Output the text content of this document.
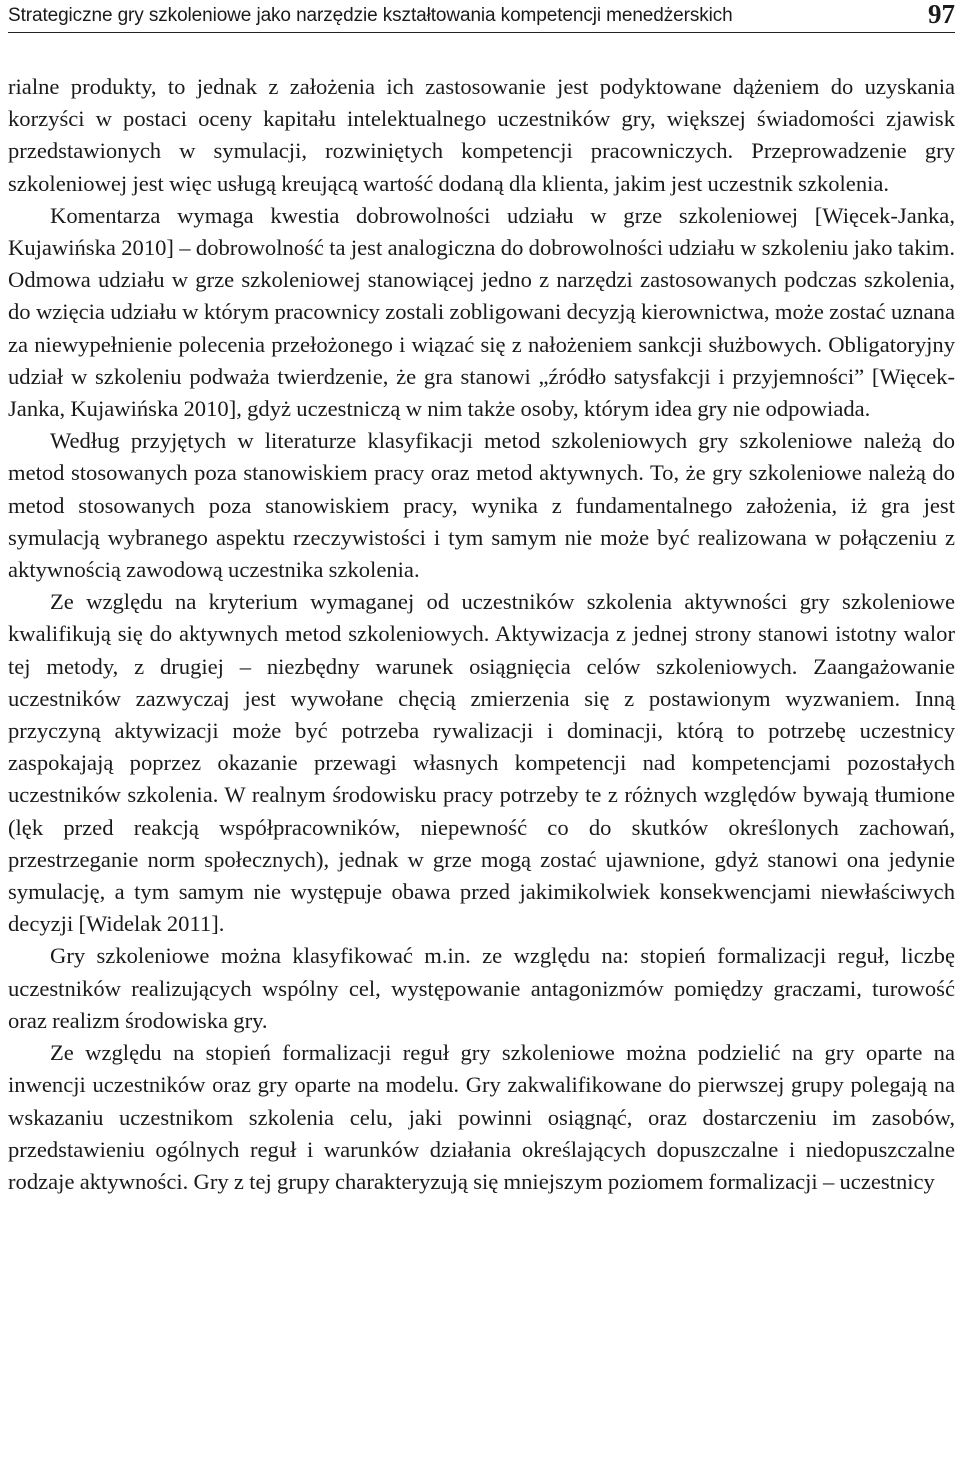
Strategiczne gry szkoleniowe jako narzędzie kształtowania kompetencji menedżerskich	97

rialne produkty, to jednak z założenia ich zastosowanie jest podyktowane dążeniem do uzyskania korzyści w postaci oceny kapitału intelektualnego uczestników gry, większej świadomości zjawisk przedstawionych w symulacji, rozwiniętych kompetencji pracowniczych. Przeprowadzenie gry szkoleniowej jest więc usługą kreującą wartość dodaną dla klienta, jakim jest uczestnik szkolenia.

Komentarza wymaga kwestia dobrowolności udziału w grze szkoleniowej [Więcek-Janka, Kujawińska 2010] – dobrowolność ta jest analogiczna do dobrowolności udziału w szkoleniu jako takim. Odmowa udziału w grze szkoleniowej stanowiącej jedno z narzędzi zastosowanych podczas szkolenia, do wzięcia udziału w którym pracownicy zostali zobligowani decyzją kierownictwa, może zostać uznana za niewypełnienie polecenia przełożonego i wiązać się z nałożeniem sankcji służbowych. Obligatoryjny udział w szkoleniu podważa twierdzenie, że gra stanowi „źródło satysfakcji i przyjemności” [Więcek-Janka, Kujawińska 2010], gdyż uczestniczą w nim także osoby, którym idea gry nie odpowiada.

Według przyjętych w literaturze klasyfikacji metod szkoleniowych gry szkoleniowe należą do metod stosowanych poza stanowiskiem pracy oraz metod aktywnych. To, że gry szkoleniowe należą do metod stosowanych poza stanowiskiem pracy, wynika z fundamentalnego założenia, iż gra jest symulacją wybranego aspektu rzeczywistości i tym samym nie może być realizowana w połączeniu z aktywnością zawodową uczestnika szkolenia.

Ze względu na kryterium wymaganej od uczestników szkolenia aktywności gry szkoleniowe kwalifikują się do aktywnych metod szkoleniowych. Aktywizacja z jednej strony stanowi istotny walor tej metody, z drugiej – niezbędny warunek osiągnięcia celów szkoleniowych. Zaangażowanie uczestników zazwyczaj jest wywołane chęcią zmierzenia się z postawionym wyzwaniem. Inną przyczyną aktywizacji może być potrzeba rywalizacji i dominacji, którą to potrzebę uczestnicy zaspokajają poprzez okazanie przewagi własnych kompetencji nad kompetencjami pozostałych uczestników szkolenia. W realnym środowisku pracy potrzeby te z różnych względów bywają tłumione (lęk przed reakcją współpracowników, niepewność co do skutków określonych zachowań, przestrzeganie norm społecznych), jednak w grze mogą zostać ujawnione, gdyż stanowi ona jedynie symulację, a tym samym nie występuje obawa przed jakimikolwiek konsekwencjami niewłaściwych decyzji [Widelak 2011].

Gry szkoleniowe można klasyfikować m.in. ze względu na: stopień formalizacji reguł, liczbę uczestników realizujących wspólny cel, występowanie antagonizmów pomiędzy graczami, turowość oraz realizm środowiska gry.

Ze względu na stopień formalizacji reguł gry szkoleniowe można podzielić na gry oparte na inwencji uczestników oraz gry oparte na modelu. Gry zakwalifikowane do pierwszej grupy polegają na wskazaniu uczestnikom szkolenia celu, jaki powinni osiągnąć, oraz dostarczeniu im zasobów, przedstawieniu ogólnych reguł i warunków działania określających dopuszczalne i niedopuszczalne rodzaje aktywności. Gry z tej grupy charakteryzują się mniejszym poziomem formalizacji – uczestnicy
